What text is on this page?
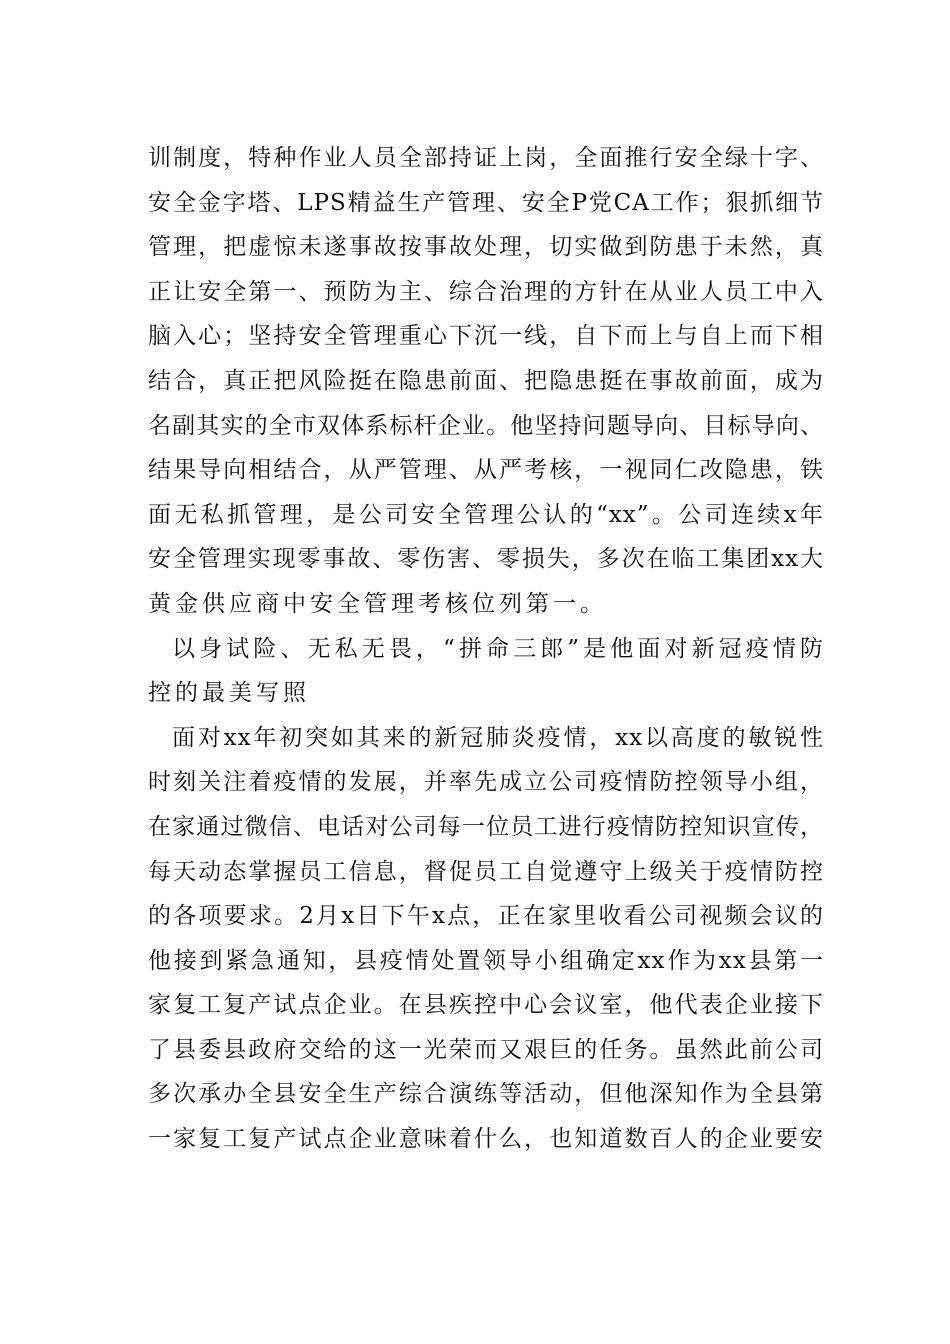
训制度，特种作业人员全部持证上岗，全面推行安全绿十字、
安全金字塔、LPS精益生产管理、安全P党CA工作；狠抓细节
管理，把虚惊未遂事故按事故处理，切实做到防患于未然，真
正让安全第一、预防为主、综合治理的方针在从业人员工中入
脑入心；坚持安全管理重心下沉一线，自下而上与自上而下相
结合，真正把风险挺在隐患前面、把隐患挺在事故前面，成为
名副其实的全市双体系标杆企业。他坚持问题导向、目标导向、
结果导向相结合，从严管理、从严考核，一视同仁改隐患，铁
面无私抓管理，是公司安全管理公认的“xx”。公司连续x年
安全管理实现零事故、零伤害、零损失，多次在临工集团xx大
黄金供应商中安全管理考核位列第一。
以身试险、无私无畏，“拼命三郎”是他面对新冠疫情防
控的最美写照
面对xx年初突如其来的新冠肺炎疫情，xx以高度的敏锐性
时刻关注着疫情的发展，并率先成立公司疫情防控领导小组，
在家通过微信、电话对公司每一位员工进行疫情防控知识宣传，
每天动态掌握员工信息，督促员工自觉遵守上级关于疫情防控
的各项要求。2月x日下午x点，正在家里收看公司视频会议的
他接到紧急通知，县疫情处置领导小组确定xx作为xx县第一
家复工复产试点企业。在县疾控中心会议室，他代表企业接下
了县委县政府交给的这一光荣而又艰巨的任务。虽然此前公司
多次承办全县安全生产综合演练等活动，但他深知作为全县第
一家复工复产试点企业意味着什么，也知道数百人的企业要安
